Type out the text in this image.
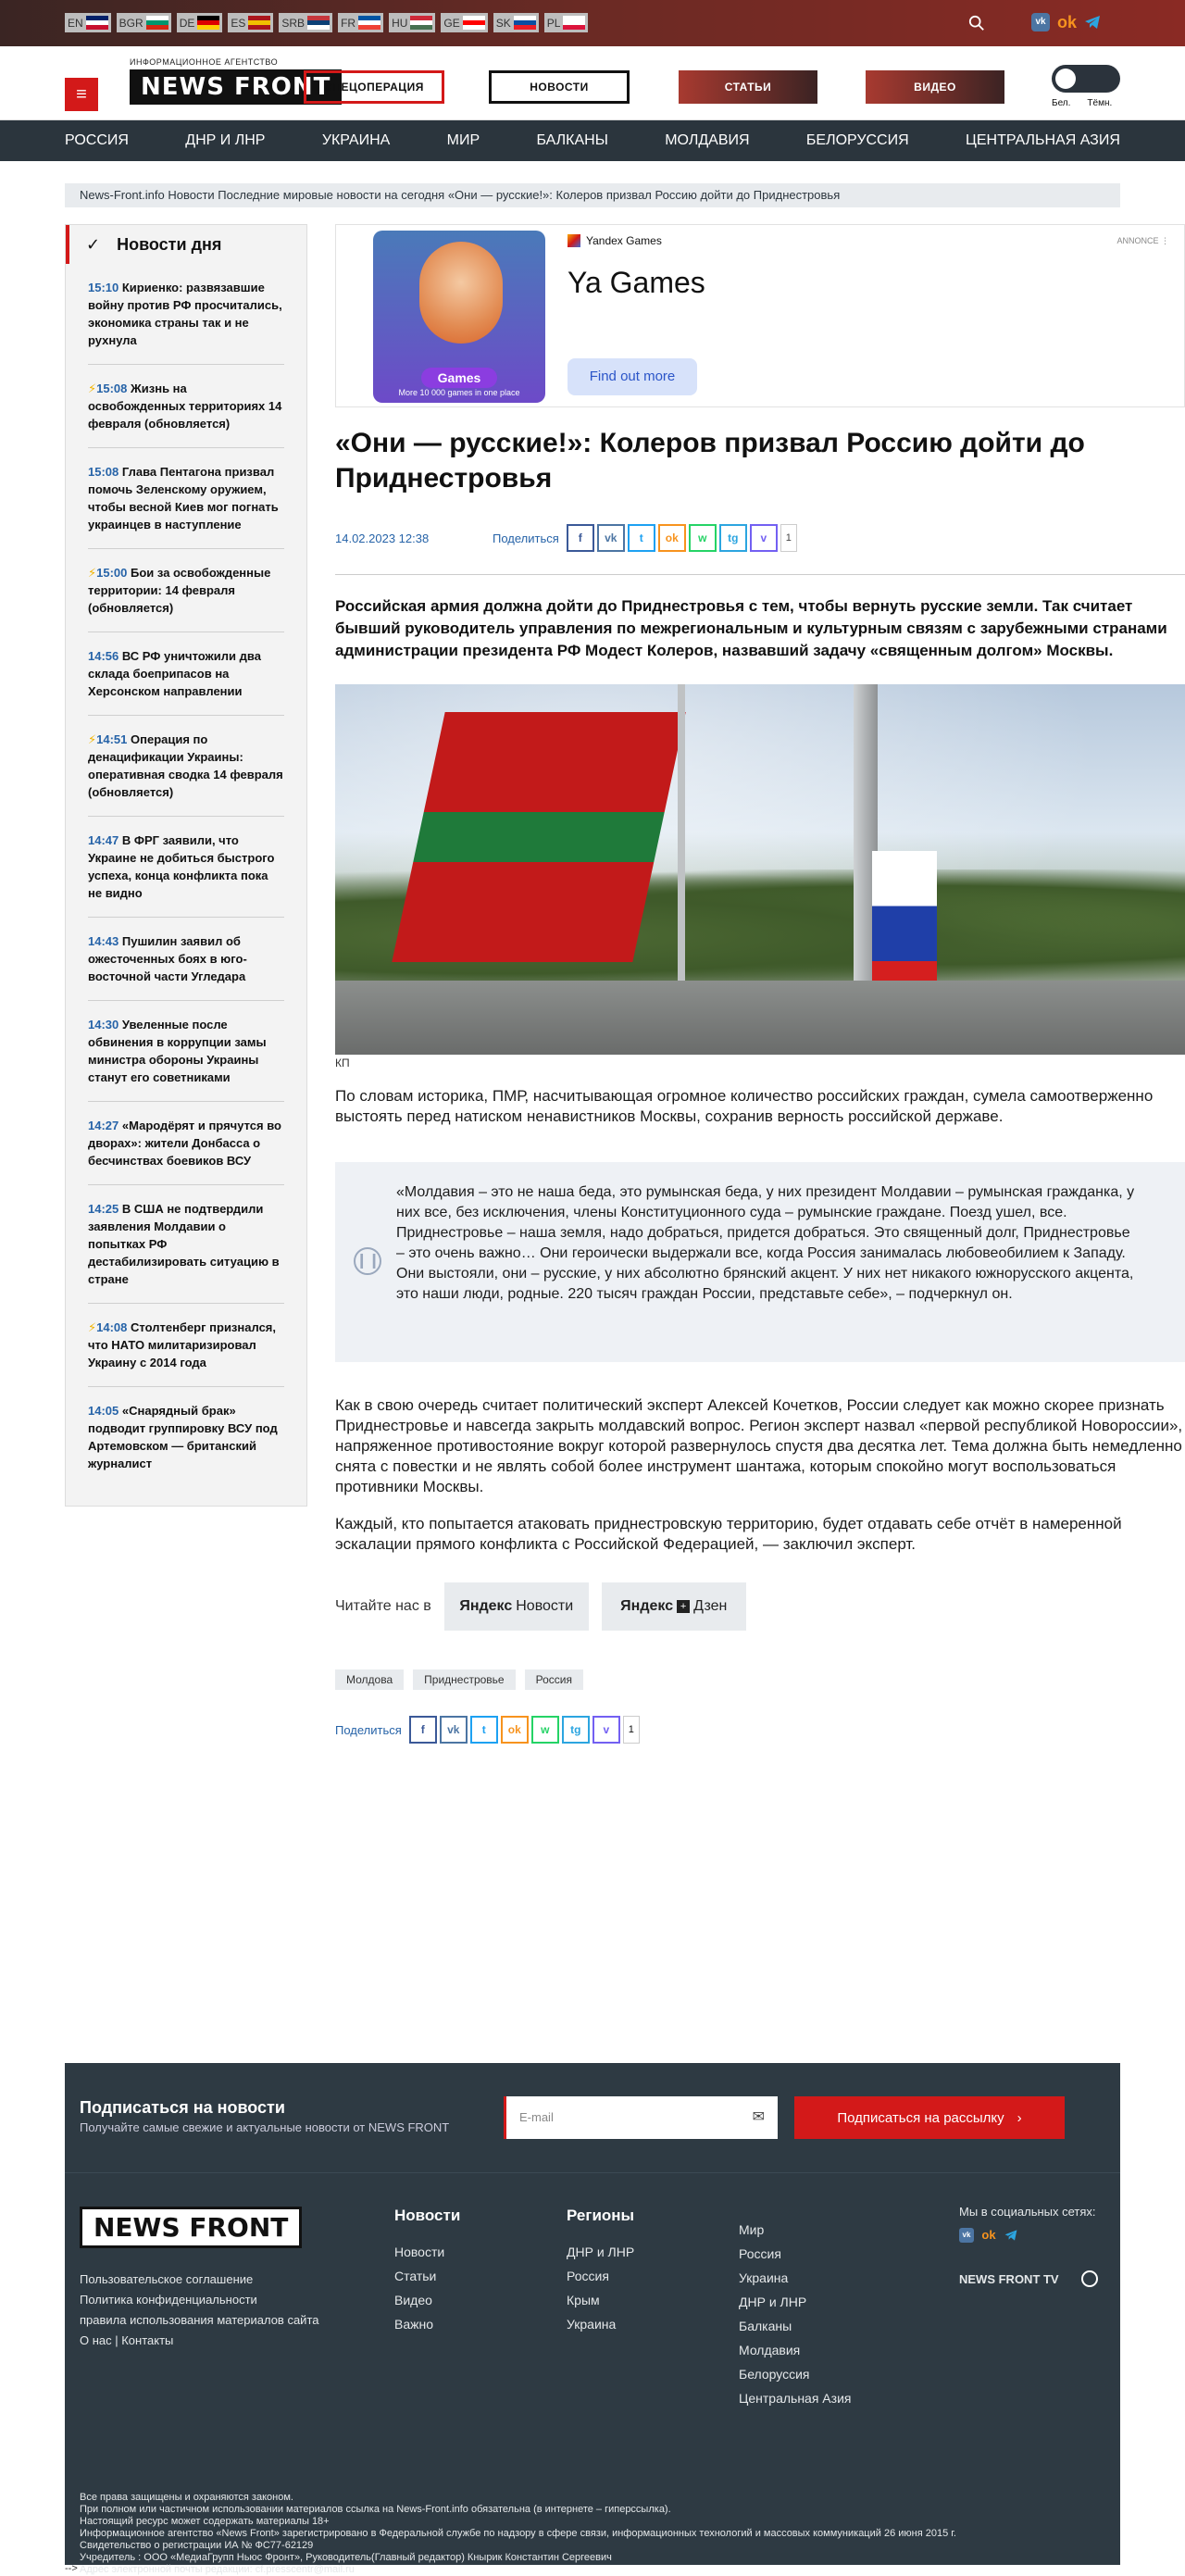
EN	BGR	DE	ES	SRB	FR	HU	GE	SK	PL	vk ok
≡
ИНФОРМАЦИОННОЕ АГЕНТСТВО
NEWS FRONT
СПЕЦОПЕРАЦИЯ	НОВОСТИ	СТАТЬИ	ВИДЕО
Бел. Тёмн.
РОССИЯ	ДНР И ЛНР	УКРАИНА	МИР	БАЛКАНЫ	МОЛДАВИЯ	БЕЛОРУССИЯ	ЦЕНТРАЛЬНАЯ АЗИЯ
News-Front.info Новости Последние мировые новости на сегодня «Они — русские!»: Колеров призвал Россию дойти до Приднестровья
✓ Новости дня
15:10 Кириенко: развязавшие войну против РФ просчитались, экономика страны так и не рухнула
⚡15:08 Жизнь на освобожденных территориях 14 февраля (обновляется)
15:08 Глава Пентагона призвал помочь Зеленскому оружием, чтобы весной Киев мог погнать украинцев в наступление
⚡15:00 Бои за освобожденные территории: 14 февраля (обновляется)
14:56 ВС РФ уничтожили два склада боеприпасов на Херсонском направлении
⚡14:51 Операция по денацификации Украины: оперативная сводка 14 февраля (обновляется)
14:47 В ФРГ заявили, что Украине не добиться быстрого успеха, конца конфликта пока не видно
14:43 Пушилин заявил об ожесточенных боях в юго-восточной части Угледара
14:30 Увеленные после обвинения в коррупции замы министра обороны Украины станут его советниками
14:27 «Мародёрят и прячутся во дворах»: жители Донбасса о бесчинствах боевиков ВСУ
14:25 В США не подтвердили заявления Молдавии о попытках РФ дестабилизировать ситуацию в стране
⚡14:08 Столтенберг признался, что НАТО милитаризировал Украину с 2014 года
14:05 «Снарядный брак» подводит группировку ВСУ под Артемовском — британский журналист
Games
More 10 000 games in one place
Yandex Games	ANNONCE ⋮
Ya Games
Find out more
«Они — русские!»: Колеров призвал Россию дойти до Приднестровья
14.02.2023 12:38	Поделиться	f	vk	t	ok	w	tg	v	1

Российская армия должна дойти до Приднестровья с тем, чтобы вернуть русские земли. Так считает бывший руководитель управления по межрегиональным и культурным связям с зарубежными странами администрации президента РФ Модест Колеров, назвавший задачу «священным долгом» Москвы.

КП

По словам историка, ПМР, насчитывающая огромное количество российских граждан, сумела самоотверженно выстоять перед натиском ненавистников Москвы, сохранив верность российской державе.

❙❙
«Молдавия – это не наша беда, это румынская беда, у них президент Молдавии – румынская гражданка, у них все, без исключения, члены Конституционного суда – румынские граждане. Поезд ушел, все. Приднестровье – наша земля, надо добраться, придется добраться. Это священный долг, Приднестровье – это очень важно… Они героически выдержали все, когда Россия занималась любовеобилием к Западу. Они выстояли, они – русские, у них абсолютно брянский акцент. У них нет никакого южнорусского акцента, это наши люди, родные. 220 тысяч граждан России, представьте себе», – подчеркнул он.

Как в свою очередь считает политический эксперт Алексей Кочетков, России следует как можно скорее признать Приднестровье и навсегда закрыть молдавский вопрос. Регион эксперт назвал «первой республикой Новороссии», напряженное противостояние вокруг которой развернулось спустя два десятка лет. Тема должна быть немедленно снята с повестки и не являть собой более инструмент шантажа, которым спокойно могут воспользоваться противники Москвы.

Каждый, кто попытается атаковать приднестровскую территорию, будет отдавать себе отчёт в намеренной эскалации прямого конфликта с Российской Федерацией, — заключил эксперт.

Читайте нас в Яндекс Новости	Яндекс + Дзен
Молдова	Приднестровье	Россия
Поделиться	f	vk	t	ok	w	tg	v	1
Подписаться на новости
Получайте самые свежие и актуальные новости от NEWS FRONT
E-mail	✉	Подписаться на рассылку ›
NEWS FRONT
Пользовательское соглашение
Политика конфиденциальности
правила использования материалов сайта
О нас | Контакты
Новости
Новости
Статьи
Видео
Важно
Регионы
ДНР и ЛНР
Россия
Крым
Украина
Мир
Россия
Украина
ДНР и ЛНР
Балканы
Молдавия
Белоруссия
Центральная Азия
Мы в социальных сетях:
vk ok
NEWS FRONT TV
Все права защищены и охраняются законом.
При полном или частичном использовании материалов ссылка на News-Front.info обязательна (в интернете – гиперссылка).
Настоящий ресурс может содержать материалы 18+
Информационное агентство «News Front» зарегистрировано в Федеральной службе по надзору в сфере связи, информационных технологий и массовых коммуникаций 26 июня 2015 г.
Свидетельство о регистрации ИА № ФС77-62129
Учредитель : ООО «МедиаГрупп Ньюс Фронт», Руководитель(Главный редактор) Кнырик Константин Сергеевич
Адрес электронной почты редакции: cf.presscentr@mail.ru
-->
